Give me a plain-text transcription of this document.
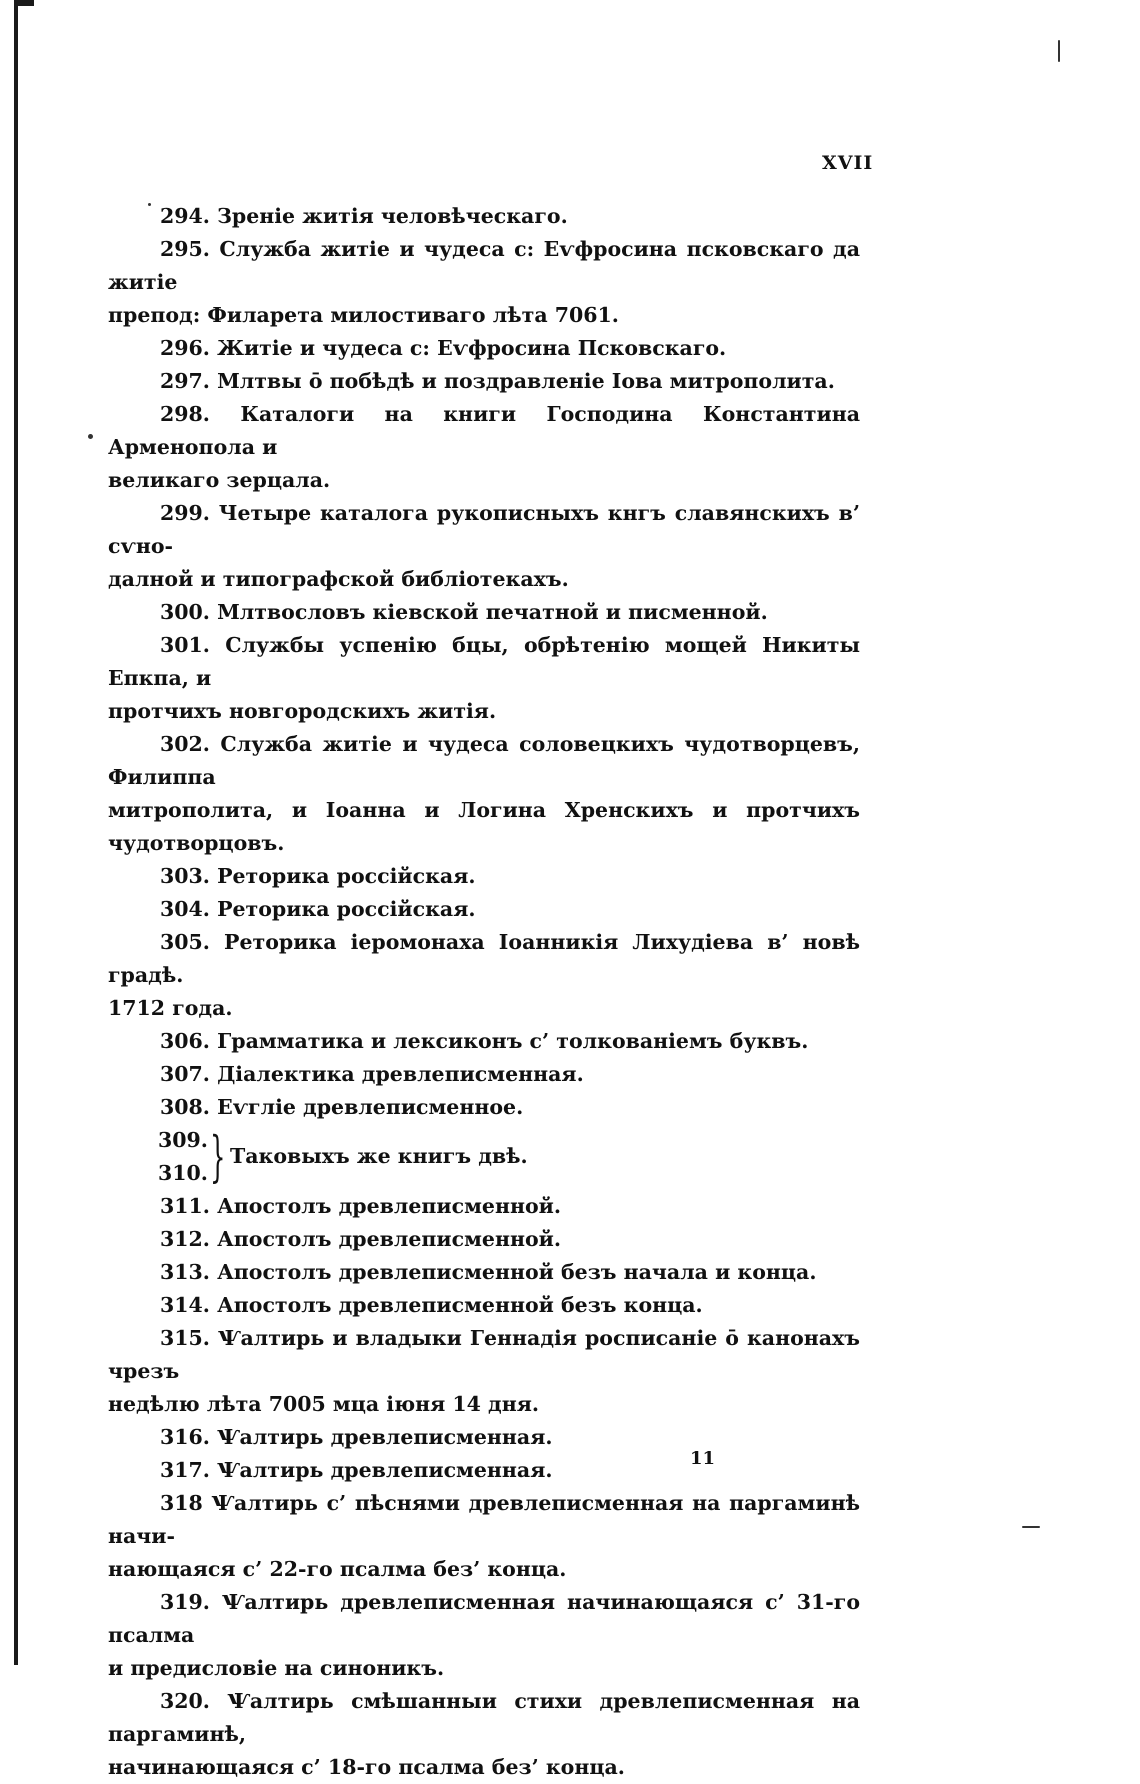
XVII

294. Зреніе житія человѣческаго.

295. Служба житіе и чудеса с: Еѵфросина псковскаго да житіе
препод: Филарета милостиваго лѣта 7061.

296. Житіе и чудеса с: Еѵфросина Псковскаго.

297. Млтвы ō побѣдѣ и поздравленіе Іова митрополита.

298. Каталоги на книги Господина Константина Арменопола и
великаго зерцала.

299. Четыре каталога рукописныхъ кнгъ славянскихъ в’ сѵно-
далной и типографской библіотекахъ.

300. Млтвословъ кіевской печатной и писменной.

301. Службы успенію бцы, обрѣтенію мощей Никиты Епкпа, и
протчихъ новгородскихъ житія.

302. Служба житіе и чудеса соловецкихъ чудотворцевъ, Филиппа
митрополита, и Іоанна и Логина Хренскихъ и протчихъ чудотворцовъ.

303. Реторика россійская.

304. Реторика россійская.

305. Реторика ieромонаха Іоанникія Лихудіева в’ новѣ градѣ.
1712 года.

306. Грамматика и лексиконъ с’ толкованіемъ буквъ.

307. Діалектика древлеписменная.

308. Еѵгліе древлеписменное.

309.
310. } Таковыхъ же книгъ двѣ.

311. Апостолъ древлеписменной.

312. Апостолъ древлеписменной.

313. Апостолъ древлеписменной безъ начала и конца.

314. Апостолъ древлеписменной безъ конца.

315. Ѱалтирь и владыки Геннадія росписаніе ō канонахъ чрезъ
недѣлю лѣта 7005 мца іюня 14 дня.

316. Ѱалтирь древлеписменная.

317. Ѱалтирь древлеписменная.

318 Ѱалтирь с’ пѣснями древлеписменная на паргаминѣ начи-
нающаяся с’ 22-го псалма без’ конца.

319. Ѱалтирь древлеписменная начинающаяся с’ 31-го псалма
и предисловіе на синоникъ.

320. Ѱалтирь смѣшанныи стихи древлеписменная на паргаминѣ,
начинающаяся с’ 18-го псалма без’ конца.

11
